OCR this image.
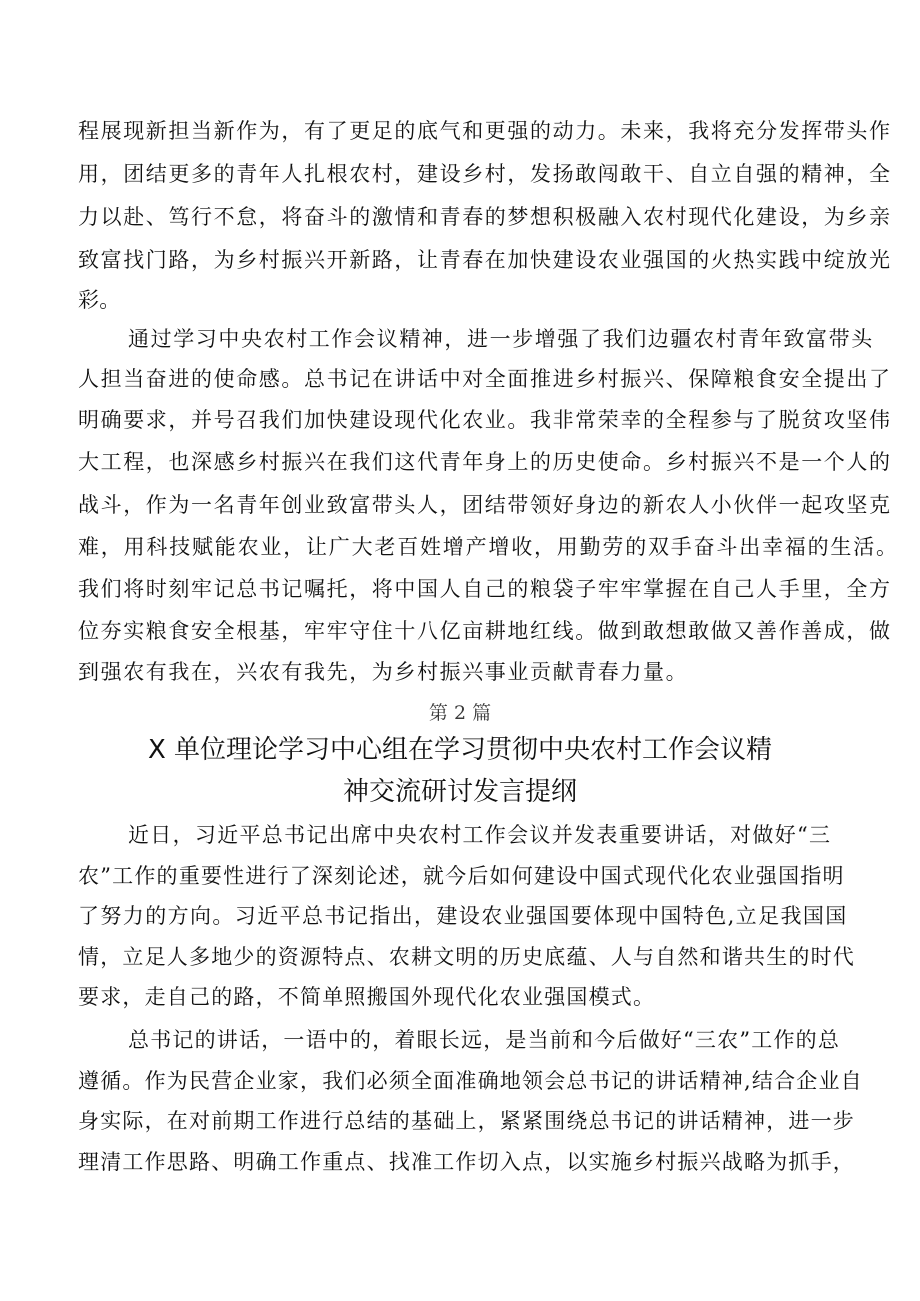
程展现新担当新作为，有了更足的底气和更强的动力。未来，我将充分发挥带头作
用，团结更多的青年人扎根农村，建设乡村，发扬敢闯敢干、自立自强的精神，全
力以赴、笃行不怠，将奋斗的激情和青春的梦想积极融入农村现代化建设，为乡亲
致富找门路，为乡村振兴开新路，让青春在加快建设农业强国的火热实践中绽放光
彩。
通过学习中央农村工作会议精神，进一步增强了我们边疆农村青年致富带头
人担当奋进的使命感。总书记在讲话中对全面推进乡村振兴、保障粮食安全提出了
明确要求，并号召我们加快建设现代化农业。我非常荣幸的全程参与了脱贫攻坚伟
大工程，也深感乡村振兴在我们这代青年身上的历史使命。乡村振兴不是一个人的
战斗，作为一名青年创业致富带头人，团结带领好身边的新农人小伙伴一起攻坚克
难，用科技赋能农业，让广大老百姓增产增收，用勤劳的双手奋斗出幸福的生活。
我们将时刻牢记总书记嘱托，将中国人自己的粮袋子牢牢掌握在自己人手里，全方
位夯实粮食安全根基，牢牢守住十八亿亩耕地红线。做到敢想敢做又善作善成，做
到强农有我在，兴农有我先，为乡村振兴事业贡献青春力量。
第 2 篇
X 单位理论学习中心组在学习贯彻中央农村工作会议精
神交流研讨发言提纲
近日，习近平总书记出席中央农村工作会议并发表重要讲话，对做好“三
农”工作的重要性进行了深刻论述，就今后如何建设中国式现代化农业强国指明
了努力的方向。习近平总书记指出，建设农业强国要体现中国特色,立足我国国
情，立足人多地少的资源特点、农耕文明的历史底蕴、人与自然和谐共生的时代
要求，走自己的路，不简单照搬国外现代化农业强国模式。
总书记的讲话，一语中的，着眼长远，是当前和今后做好“三农”工作的总
遵循。作为民营企业家，我们必须全面准确地领会总书记的讲话精神,结合企业自
身实际，在对前期工作进行总结的基础上，紧紧围绕总书记的讲话精神，进一步
理清工作思路、明确工作重点、找准工作切入点，以实施乡村振兴战略为抓手，
